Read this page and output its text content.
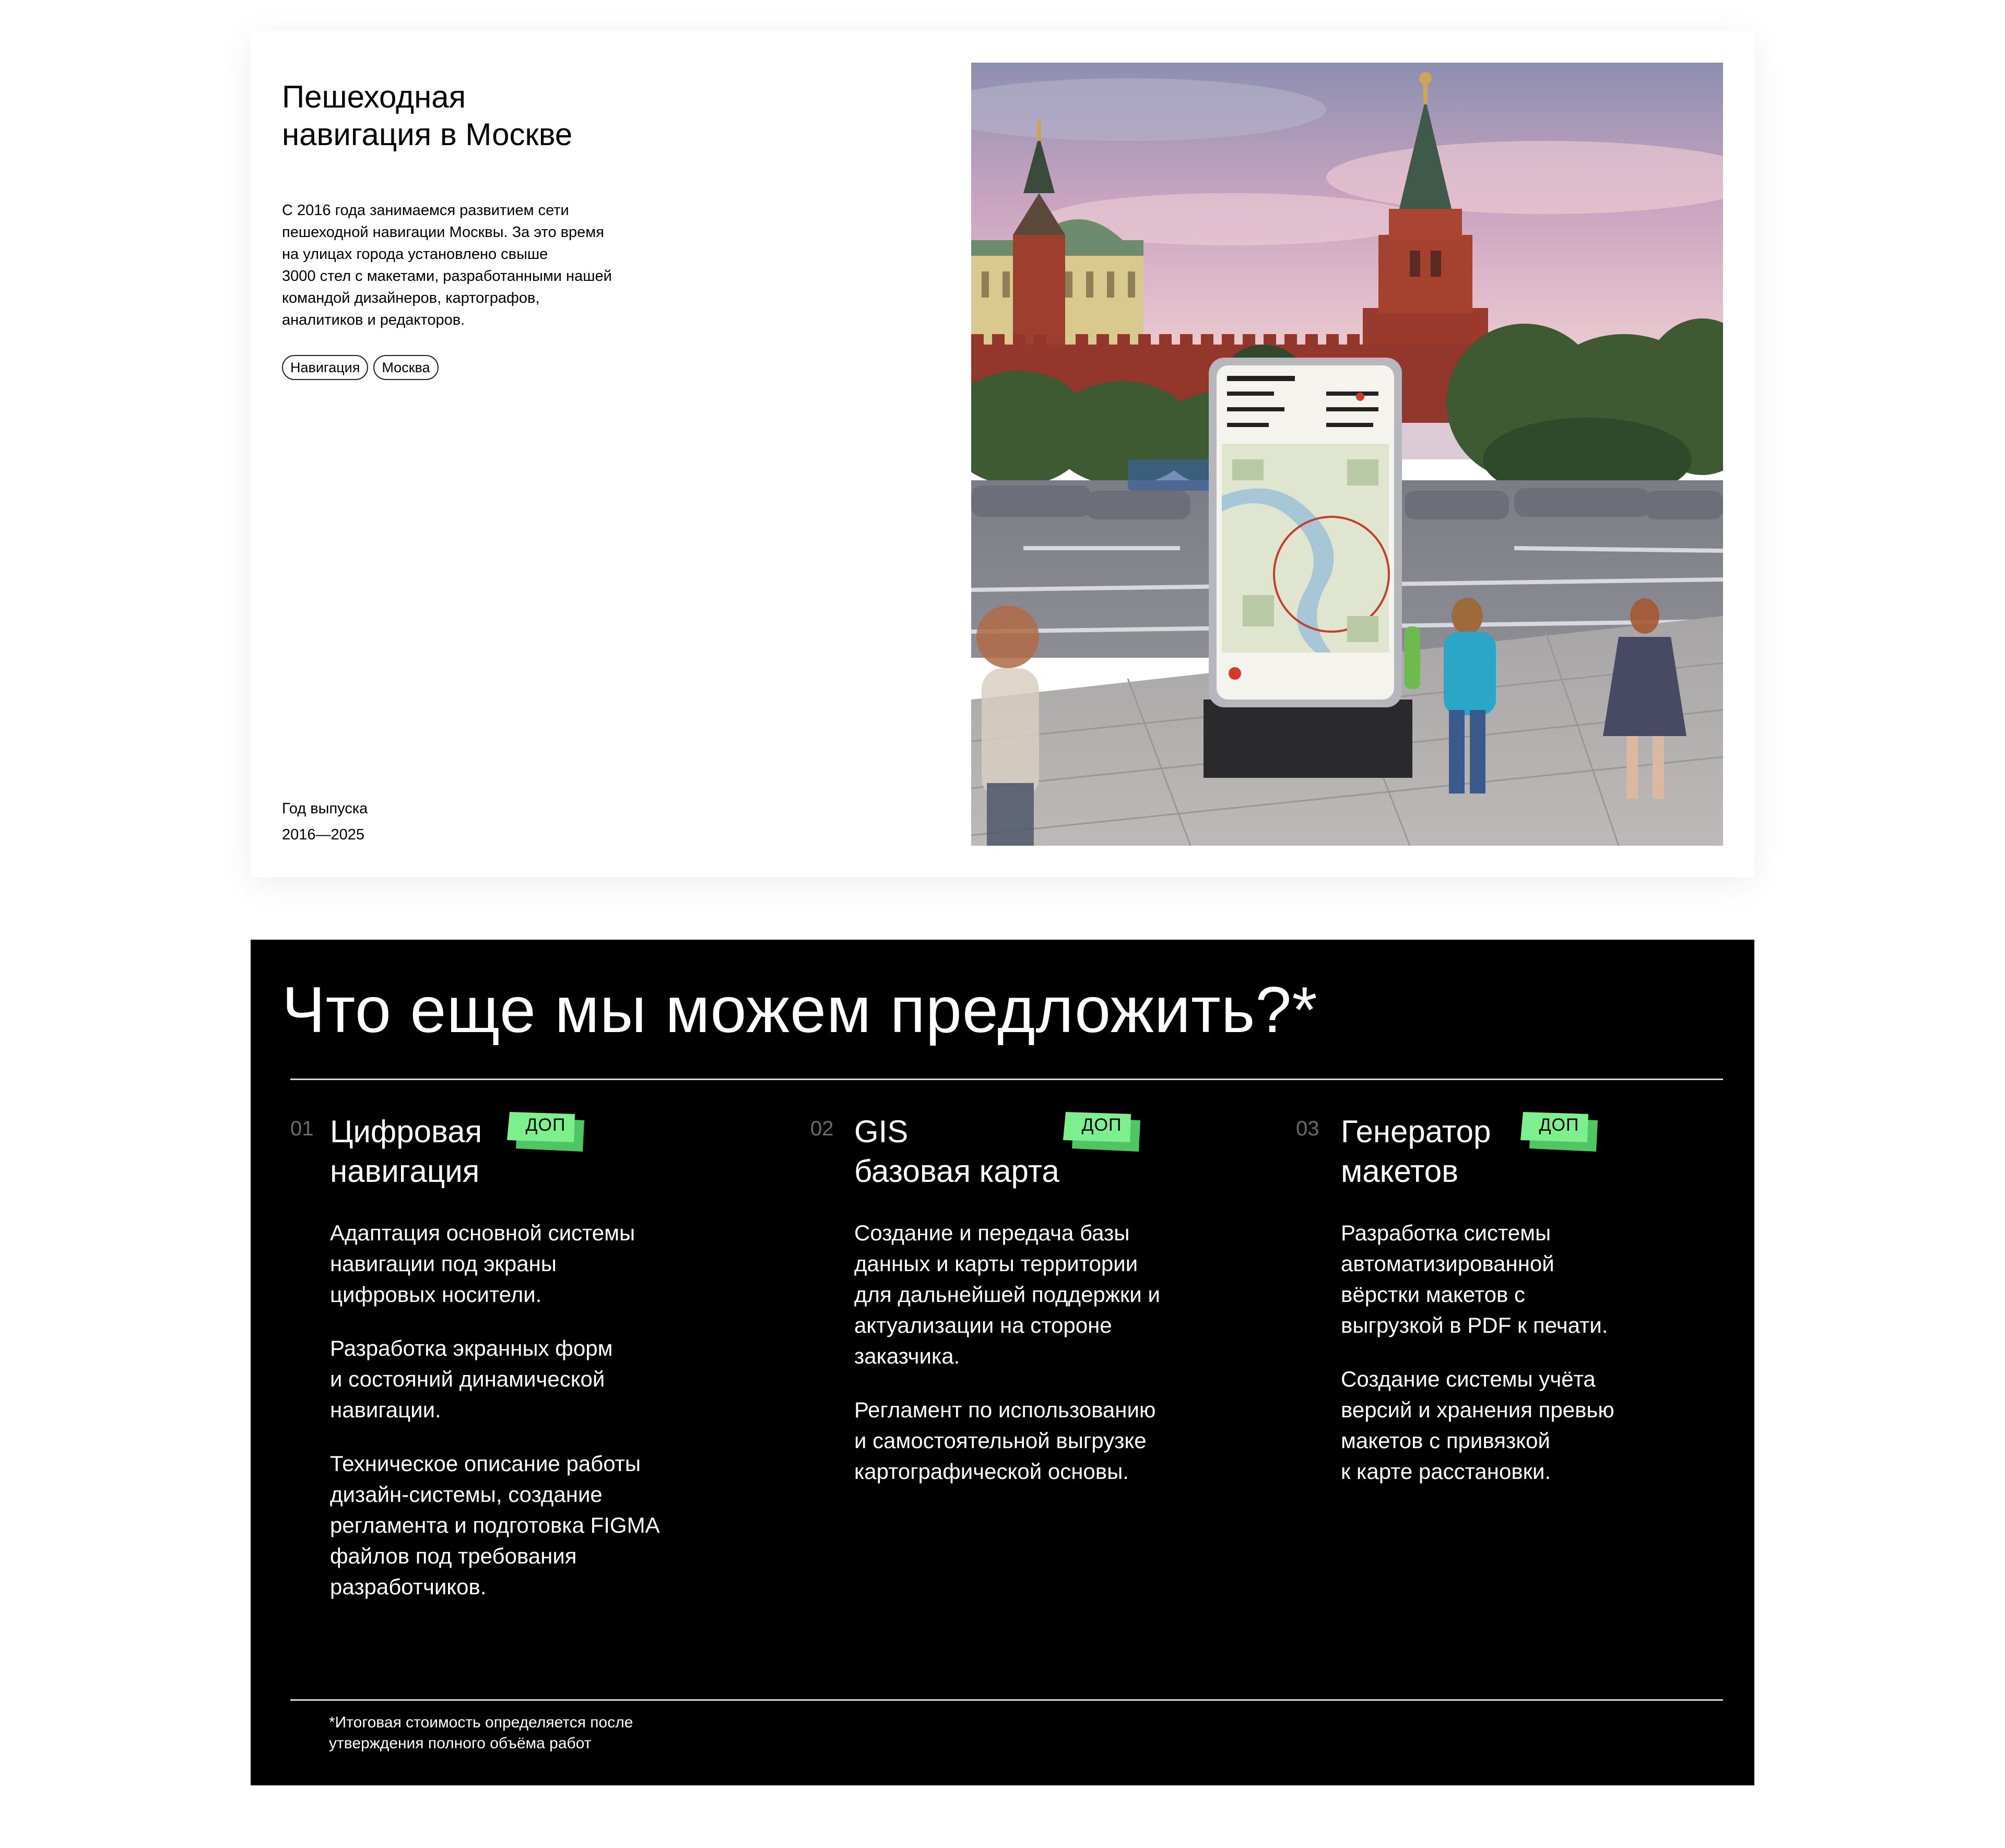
Пешеходная
навигация в Москве

С 2016 года занимаемся развитием сети
пешеходной навигации Москвы. За это время
на улицах города установлено свыше
3000 стел с макетами, разработанными нашей
командой дизайнеров, картографов,
аналитиков и редакторов.

Навигация	Москва
Год выпуска
2016—2025
Что еще мы можем предложить?*
01 Цифровая
навигация
ДОП

Адаптация основной системы
навигации под экраны
цифровых носители.

Разработка экранных форм
и состояний динамической
навигации.

Техническое описание работы
дизайн-системы, создание
регламента и подготовка FIGMA
файлов под требования
разработчиков.

02 GIS
базовая карта
ДОП

Создание и передача базы
данных и карты территории
для дальнейшей поддержки и
актуализации на стороне
заказчика.

Регламент по использованию
и самостоятельной выгрузке
картографической основы.

03 Генератор
макетов
ДОП

Разработка системы
автоматизированной
вёрстки макетов с
выгрузкой в PDF к печати.

Создание системы учёта
версий и хранения превью
макетов с привязкой
к карте расстановки.

*Итоговая стоимость определяется после
утверждения полного объёма работ
